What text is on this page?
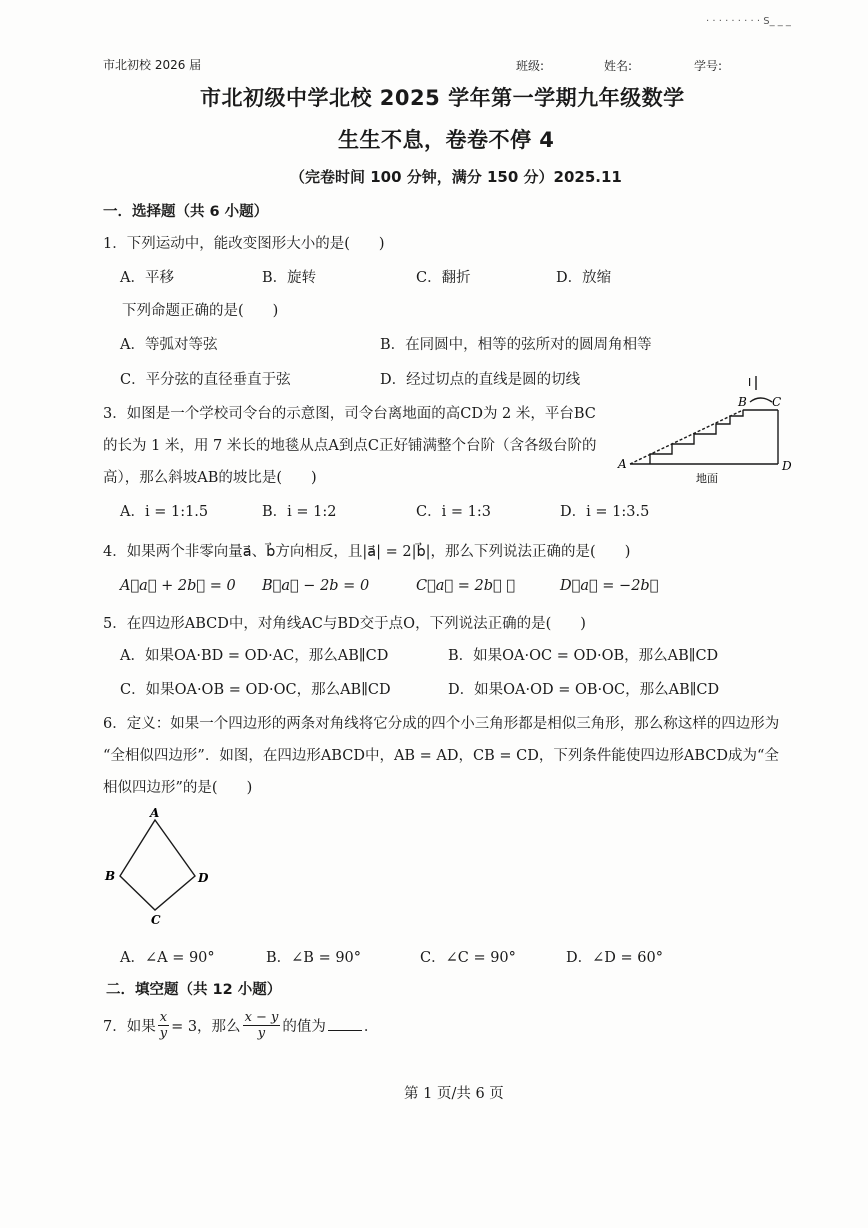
市北初校 2026 届	班级:	姓名:	学号:
· · · · · · · · · S_ _ _
市北初级中学北校 2025 学年第一学期九年级数学
生生不息，卷卷不停 4
（完卷时间 100 分钟，满分 150 分）2025.11
一．选择题（共 6 小题）
1．下列运动中，能改变图形大小的是(　　)
A．平移	B．旋转	C．翻折	D．放缩
下列命题正确的是(　　)
A．等弧对等弦	B．在同圆中，相等的弦所对的圆周角相等
C．平分弦的直径垂直于弦	D．经过切点的直线是圆的切线
3．如图是一个学校司令台的示意图，司令台离地面的高CD为 2 米，平台BC
的长为 1 米，用 7 米长的地毯从点A到点C正好铺满整个台阶（含各级台阶的
高），那么斜坡AB的坡比是(　　)
A．i = 1:1.5	B．i = 1:2	C．i = 1:3	D．i = 1:3.5
I
A
B C
D
地面
4．如果两个非零向量a⃗、b⃗方向相反，且|a⃗| = 2|b⃗|，那么下列说法正确的是(　　)
A．a⃗ + 2b⃗ = 0 B．a⃗ − 2b = 0	C．a⃗ = 2b⃗ ⸝	D．a⃗ = −2b⃗
5．在四边形ABCD中，对角线AC与BD交于点O，下列说法正确的是(　　)
A．如果OA·BD = OD·AC，那么AB∥CD	B．如果OA·OC = OD·OB，那么AB∥CD
C．如果OA·OB = OD·OC，那么AB∥CD	D．如果OA·OD = OB·OC，那么AB∥CD
6．定义：如果一个四边形的两条对角线将它分成的四个小三角形都是相似三角形，那么称这样的四边形为
“全相似四边形”．如图，在四边形ABCD中，AB = AD，CB = CD，下列条件能使四边形ABCD成为“全
相似四边形”的是(　　)
A
B
C
D
A．∠A = 90°	B．∠B = 90°	C．∠C = 90°	D．∠D = 60°
二．填空题（共 12 小题）
7．如果 $\frac{x}{y} = 3$，那么 $\frac{x - y}{y}$ 的值为	．
第 1 页/共 6 页
